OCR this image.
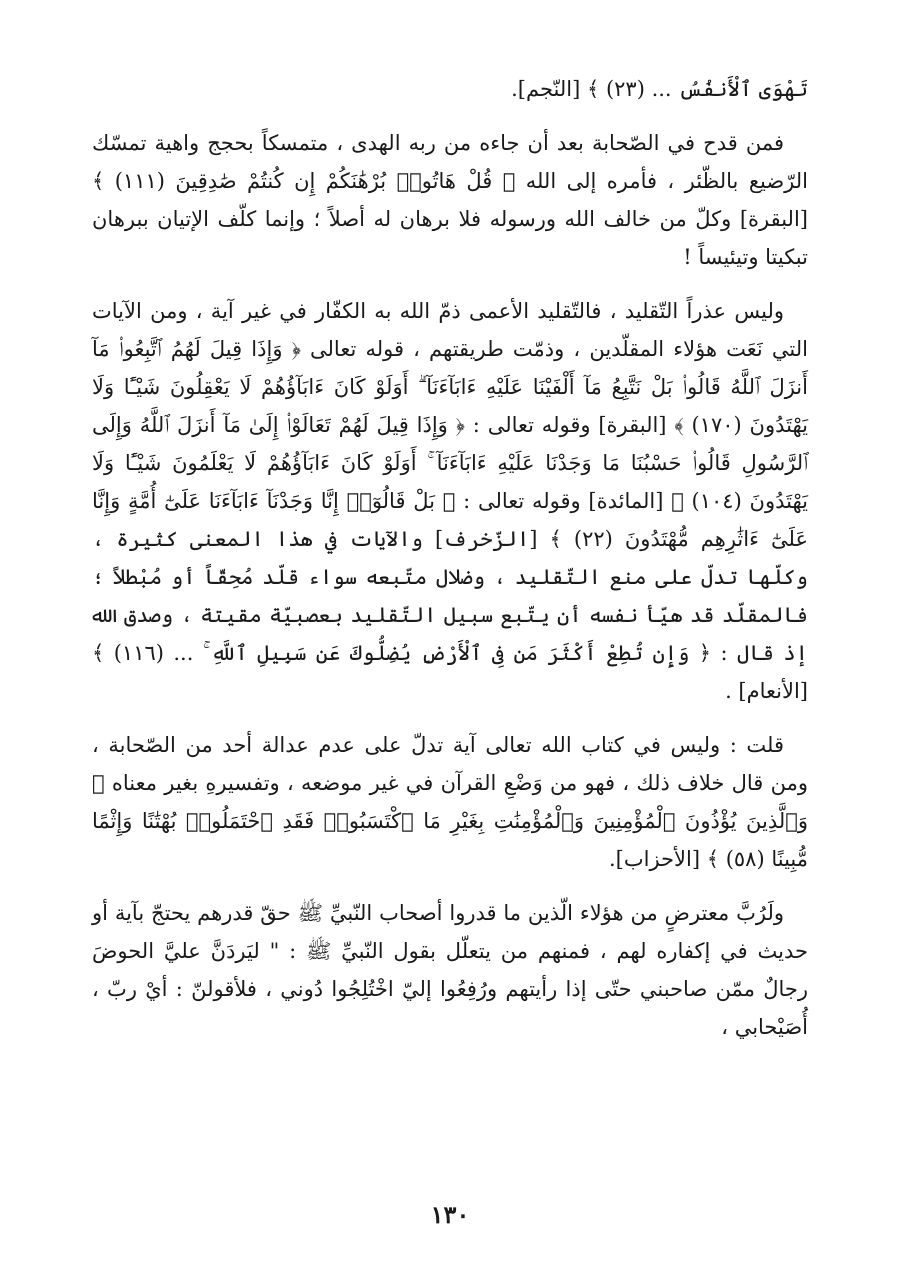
تَهْوَى ٱلْأَنفُسُ ... (٢٣) ﴾ [النّجم].

فمن قدح في الصّحابة بعد أن جاءه من ربه الهدى ، متمسكاً بحجج واهية تمسّك الرّضيع بالظّئر ، فأمره إلى الله ﴿ قُلْ هَاتُوا۟ بُرْهَٰنَكُمْ إِن كُنتُمْ صَٰدِقِينَ (١١١) ﴾ [البقرة] وكلّ من خالف الله ورسوله فلا برهان له أصلاً ؛ وإنما كلّف الإتيان ببرهان تبكيتا وتيئيساً !

وليس عذراً التّقليد ، فالتّقليد الأعمى ذمّ الله به الكفّار في غير آية ، ومن الآيات التي نَعَت هؤلاء المقلّدين ، وذمّت طريقتهم ، قوله تعالى ﴿ وَإِذَا قِيلَ لَهُمُ ٱتَّبِعُوا۟ مَآ أَنزَلَ ٱللَّهُ قَالُوا۟ بَلْ نَتَّبِعُ مَآ أَلْفَيْنَا عَلَيْهِ ءَابَآءَنَآ ۗ أَوَلَوْ كَانَ ءَابَآؤُهُمْ لَا يَعْقِلُونَ شَيْـًٔا وَلَا يَهْتَدُونَ (١٧٠) ﴾ [البقرة] وقوله تعالى : ﴿ وَإِذَا قِيلَ لَهُمْ تَعَالَوْا۟ إِلَىٰ مَآ أَنزَلَ ٱللَّهُ وَإِلَى ٱلرَّسُولِ قَالُوا۟ حَسْبُنَا مَا وَجَدْنَا عَلَيْهِ ءَابَآءَنَآ ۚ أَوَلَوْ كَانَ ءَابَآؤُهُمْ لَا يَعْلَمُونَ شَيْـًٔا وَلَا يَهْتَدُونَ (١٠٤) ﴾ [المائدة] وقوله تعالى : ﴿ بَلْ قَالُوٓا۟ إِنَّا وَجَدْنَآ ءَابَآءَنَا عَلَىٰٓ أُمَّةٍ وَإِنَّا عَلَىٰٓ ءَاثَٰرِهِم مُّهْتَدُونَ (٢٢) ﴾ [الزّخرف] والآيات في هذا المعنى كثيرة ، وكلّها تدلّ على منع التّقليد ، وضلال متّبعه سواء قلّد مُحِقّاً أو مُبْطلاً ؛ فالمقلّد قد هيّأ نفسه أن يتّبع سبيل التّقليد بعصبيّة مقيتة ، وصدق الله إذ قال : ﴿ وَإِن تُطِعْ أَكْثَرَ مَن فِى ٱلْأَرْضِ يُضِلُّوكَ عَن سَبِيلِ ٱللَّهِ ۚ ... (١١٦) ﴾ [الأنعام] .

قلت : وليس في كتاب الله تعالى آية تدلّ على عدم عدالة أحد من الصّحابة ، ومن قال خلاف ذلك ، فهو من وَضْعِ القرآن في غير موضعه ، وتفسيرهِ بغير معناه ﴿ وَٱلَّذِينَ يُؤْذُونَ ٱلْمُؤْمِنِينَ وَٱلْمُؤْمِنَٰتِ بِغَيْرِ مَا ٱكْتَسَبُوا۟ فَقَدِ ٱحْتَمَلُوا۟ بُهْتَٰنًا وَإِثْمًا مُّبِينًا (٥٨) ﴾ [الأحزاب].

ولَرُبَّ معترضٍ من هؤلاء الّذين ما قدروا أصحاب النّبيِّ ﷺ حقّ قدرهم يحتجّ بآية أو حديث في إكفاره لهم ، فمنهم من يتعلّل بقول النّبيِّ ﷺ : " ليَردَنَّ عليَّ الحوضَ رجالٌ ممّن صاحبني حتّى إذا رأيتهم ورُفِعُوا إليّ اخْتُلِجُوا دُوني ، فلأقولنّ : أيْ ربّ ، أُصَيْحابي ،

١٣٠
